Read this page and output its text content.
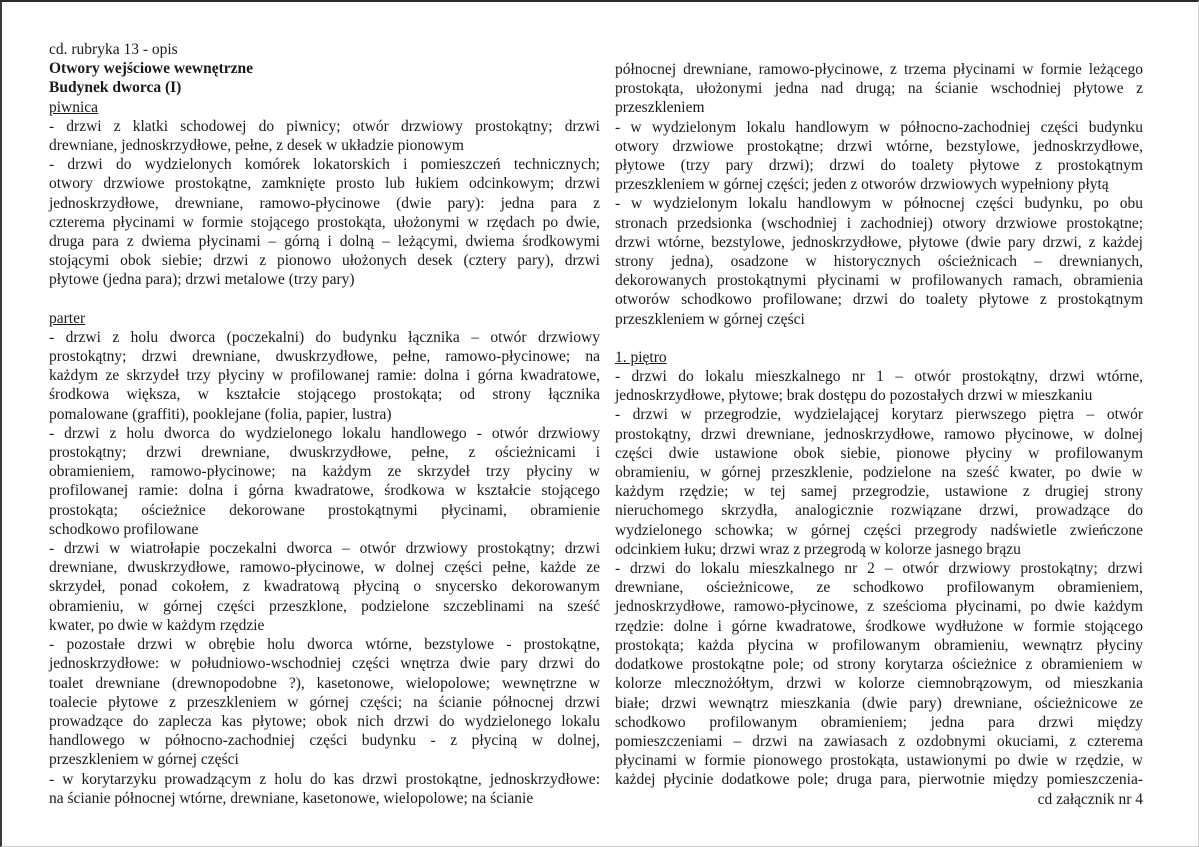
cd. rubryka 13 - opis
Otwory wejściowe wewnętrzne
Budynek dworca (I)
piwnica
- drzwi z klatki schodowej do piwnicy; otwór drzwiowy prostokątny; drzwi
drewniane, jednoskrzydłowe, pełne, z desek w układzie pionowym
- drzwi do wydzielonych komórek lokatorskich i pomieszczeń technicznych;
otwory drzwiowe prostokątne, zamknięte prosto lub łukiem odcinkowym; drzwi
jednoskrzydłowe, drewniane, ramowo-płycinowe (dwie pary): jedna para z
czterema płycinami w formie stojącego prostokąta, ułożonymi w rzędach po dwie,
druga para z dwiema płycinami – górną i dolną – leżącymi, dwiema środkowymi
stojącymi obok siebie; drzwi z pionowo ułożonych desek (cztery pary), drzwi
płytowe (jedna para); drzwi metalowe (trzy pary)
parter
- drzwi z holu dworca (poczekalni) do budynku łącznika – otwór drzwiowy
prostokątny; drzwi drewniane, dwuskrzydłowe, pełne, ramowo-płycinowe; na
każdym ze skrzydeł trzy płyciny w profilowanej ramie: dolna i górna kwadratowe,
środkowa większa, w kształcie stojącego prostokąta; od strony łącznika
pomalowane (graffiti), pooklejane (folia, papier, lustra)
- drzwi z holu dworca do wydzielonego lokalu handlowego - otwór drzwiowy
prostokątny; drzwi drewniane, dwuskrzydłowe, pełne, z ościeżnicami i
obramieniem, ramowo-płycinowe; na każdym ze skrzydeł trzy płyciny w
profilowanej ramie: dolna i górna kwadratowe, środkowa w kształcie stojącego
prostokąta; ościeżnice dekorowane prostokątnymi płycinami, obramienie
schodkowo profilowane
- drzwi w wiatrołapie poczekalni dworca – otwór drzwiowy prostokątny; drzwi
drewniane, dwuskrzydłowe, ramowo-płycinowe, w dolnej części pełne, każde ze
skrzydeł, ponad cokołem, z kwadratową płyciną o snycersko dekorowanym
obramieniu, w górnej części przeszklone, podzielone szczeblinami na sześć
kwater, po dwie w każdym rzędzie
- pozostałe drzwi w obrębie holu dworca wtórne, bezstylowe - prostokątne,
jednoskrzydłowe: w południowo-wschodniej części wnętrza dwie pary drzwi do
toalet drewniane (drewnopodobne ?), kasetonowe, wielopolowe; wewnętrzne w
toalecie płytowe z przeszkleniem w górnej części; na ścianie północnej drzwi
prowadzące do zaplecza kas płytowe; obok nich drzwi do wydzielonego lokalu
handlowego w północno-zachodniej części budynku - z płyciną w dolnej,
przeszkleniem w górnej części
- w korytarzyku prowadzącym z holu do kas drzwi prostokątne, jednoskrzydłowe:
na ścianie północnej wtórne, drewniane, kasetonowe, wielopolowe; na ścianie
północnej drewniane, ramowo-płycinowe, z trzema płycinami w formie leżącego
prostokąta, ułożonymi jedna nad drugą; na ścianie wschodniej płytowe z
przeszkleniem
- w wydzielonym lokalu handlowym w północno-zachodniej części budynku
otwory drzwiowe prostokątne; drzwi wtórne, bezstylowe, jednoskrzydłowe,
płytowe (trzy pary drzwi); drzwi do toalety płytowe z prostokątnym
przeszkleniem w górnej części; jeden z otworów drzwiowych wypełniony płytą
- w wydzielonym lokalu handlowym w północnej części budynku, po obu
stronach przedsionka (wschodniej i zachodniej) otwory drzwiowe prostokątne;
drzwi wtórne, bezstylowe, jednoskrzydłowe, płytowe (dwie pary drzwi, z każdej
strony jedna), osadzone w historycznych ościeżnicach – drewnianych,
dekorowanych prostokątnymi płycinami w profilowanych ramach, obramienia
otworów schodkowo profilowane; drzwi do toalety płytowe z prostokątnym
przeszkleniem w górnej części
1. piętro
- drzwi do lokalu mieszkalnego nr 1 – otwór prostokątny, drzwi wtórne,
jednoskrzydłowe, płytowe; brak dostępu do pozostałych drzwi w mieszkaniu
- drzwi w przegrodzie, wydzielającej korytarz pierwszego piętra – otwór
prostokątny, drzwi drewniane, jednoskrzydłowe, ramowo płycinowe, w dolnej
części dwie ustawione obok siebie, pionowe płyciny w profilowanym
obramieniu, w górnej przeszklenie, podzielone na sześć kwater, po dwie w
każdym rzędzie; w tej samej przegrodzie, ustawione z drugiej strony
nieruchomego skrzydła, analogicznie rozwiązane drzwi, prowadzące do
wydzielonego schowka; w górnej części przegrody nadświetle zwieńczone
odcinkiem łuku; drzwi wraz z przegrodą w kolorze jasnego brązu
- drzwi do lokalu mieszkalnego nr 2 – otwór drzwiowy prostokątny; drzwi
drewniane, ościeżnicowe, ze schodkowo profilowanym obramieniem,
jednoskrzydłowe, ramowo-płycinowe, z sześcioma płycinami, po dwie każdym
rzędzie: dolne i górne kwadratowe, środkowe wydłużone w formie stojącego
prostokąta; każda płycina w profilowanym obramieniu, wewnątrz płyciny
dodatkowe prostokątne pole; od strony korytarza ościeżnice z obramieniem w
kolorze mlecznożółtym, drzwi w kolorze ciemnobrązowym, od mieszkania
białe; drzwi wewnątrz mieszkania (dwie pary) drewniane, ościeżnicowe ze
schodkowo profilowanym obramieniem; jedna para drzwi między
pomieszczeniami – drzwi na zawiasach z ozdobnymi okuciami, z czterema
płycinami w formie pionowego prostokąta, ustawionymi po dwie w rzędzie, w
każdej płycinie dodatkowe pole; druga para, pierwotnie między pomieszczenia-
cd załącznik nr 4
